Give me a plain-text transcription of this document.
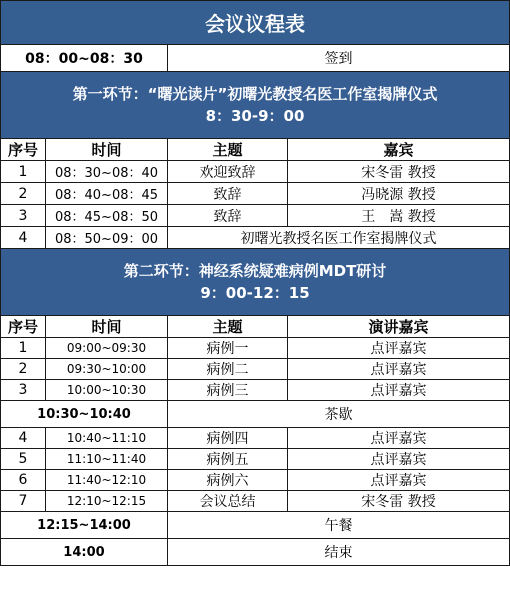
会议议程表			
08：00~08：30		签到	

第一环节：“曙光读片”初曙光教授名医工作室揭牌仪式
8：30-9：00			

序号	时间	主题	嘉宾
1	08：30~08：40	欢迎致辞	宋冬雷 教授
2	08：40~08：45	致辞	冯晓源 教授
3	08：45~08：50	致辞	王　嵩 教授
4	08：50~09：00	初曙光教授名医工作室揭牌仪式	

第二环节：神经系统疑难病例MDT研讨
9：00-12：15			

序号	时间	主题	演讲嘉宾
1	09:00~09:30	病例一	点评嘉宾
2	09:30~10:00	病例二	点评嘉宾
3	10:00~10:30	病例三	点评嘉宾
10:30~10:40		茶歇	
4	10:40~11:10	病例四	点评嘉宾
5	11:10~11:40	病例五	点评嘉宾
6	11:40~12:10	病例六	点评嘉宾
7	12:10~12:15	会议总结	宋冬雷 教授
12:15~14:00		午餐	
14:00		结束	
